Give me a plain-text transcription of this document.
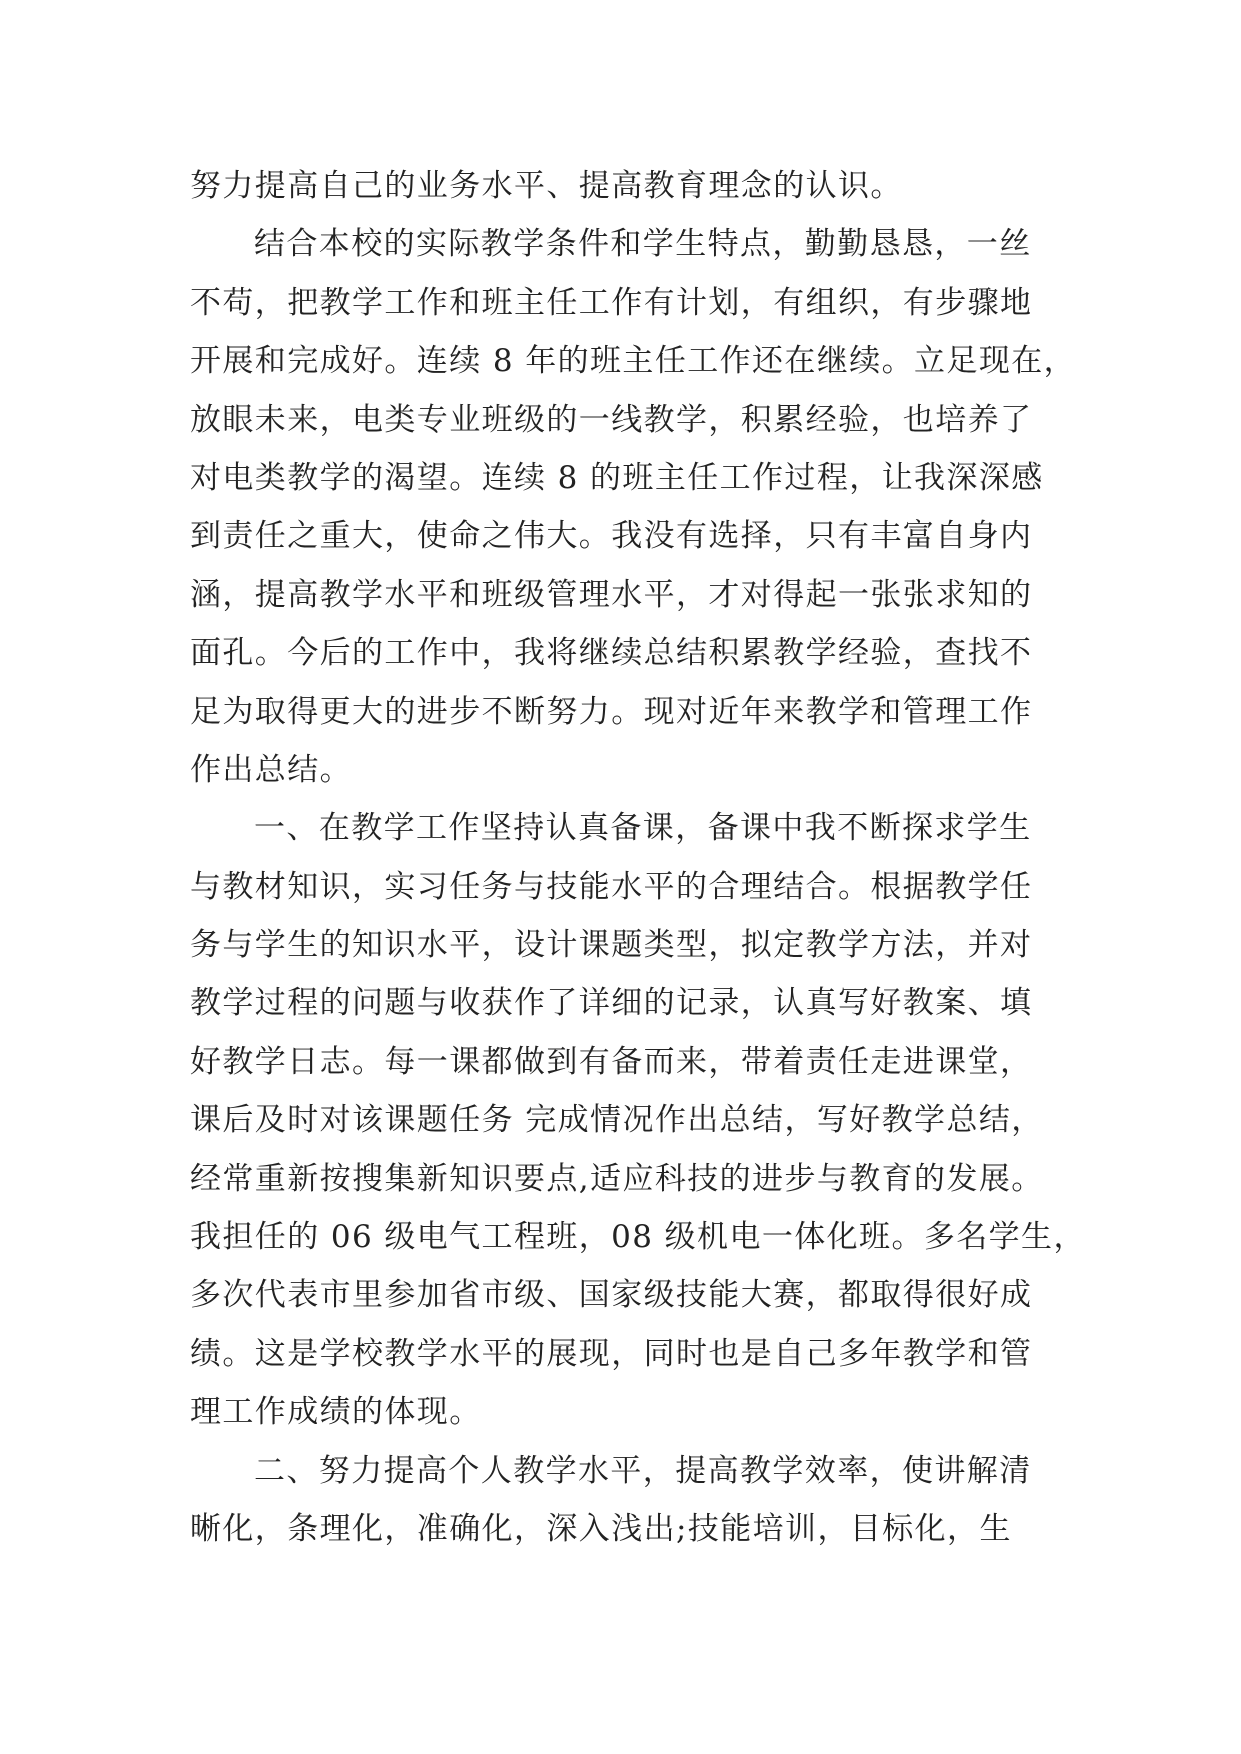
努力提高自己的业务水平、提高教育理念的认识。
结合本校的实际教学条件和学生特点，勤勤恳恳，一丝
不苟，把教学工作和班主任工作有计划，有组织，有步骤地
开展和完成好。连续 8 年的班主任工作还在继续。立足现在，
放眼未来，电类专业班级的一线教学，积累经验，也培养了
对电类教学的渴望。连续 8 的班主任工作过程，让我深深感
到责任之重大，使命之伟大。我没有选择，只有丰富自身内
涵，提高教学水平和班级管理水平，才对得起一张张求知的
面孔。今后的工作中，我将继续总结积累教学经验，查找不
足为取得更大的进步不断努力。现对近年来教学和管理工作
作出总结。
一、在教学工作坚持认真备课，备课中我不断探求学生
与教材知识，实习任务与技能水平的合理结合。根据教学任
务与学生的知识水平，设计课题类型，拟定教学方法，并对
教学过程的问题与收获作了详细的记录，认真写好教案、填
好教学日志。每一课都做到有备而来，带着责任走进课堂，
课后及时对该课题任务 完成情况作出总结，写好教学总结，
经常重新按搜集新知识要点,适应科技的进步与教育的发展。
我担任的 06 级电气工程班，08 级机电一体化班。多名学生，
多次代表市里参加省市级、国家级技能大赛，都取得很好成
绩。这是学校教学水平的展现，同时也是自己多年教学和管
理工作成绩的体现。
二、努力提高个人教学水平，提高教学效率，使讲解清
晰化，条理化，准确化，深入浅出;技能培训，目标化，生
